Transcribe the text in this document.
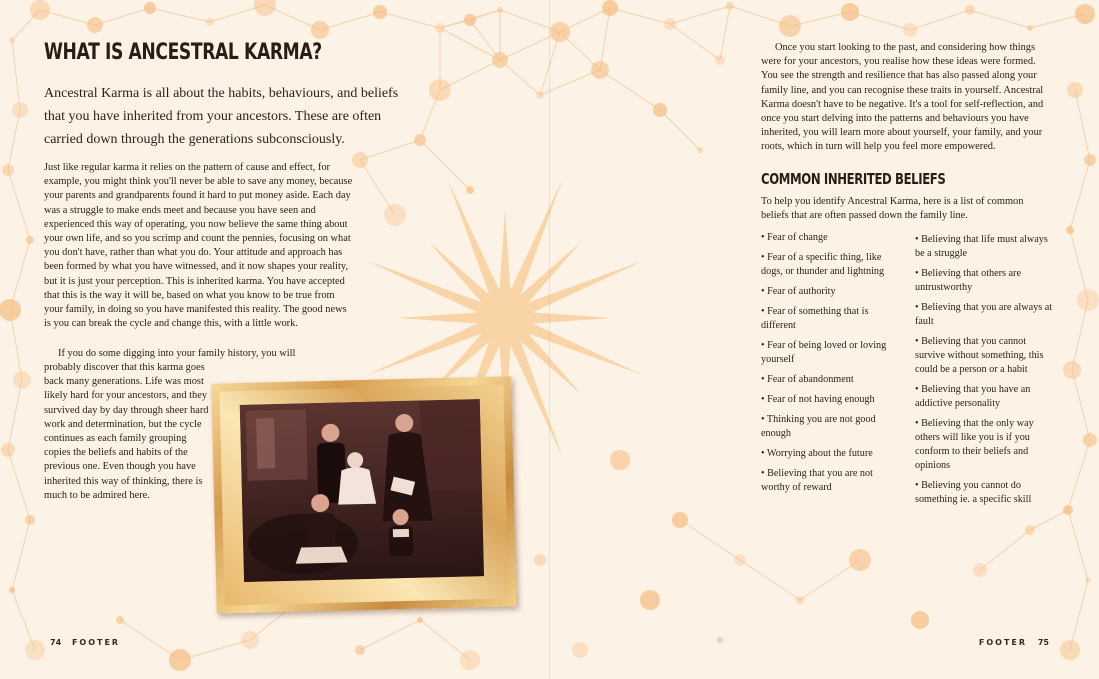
WHAT IS ANCESTRAL KARMA?

Ancestral Karma is all about the habits, behaviours, and beliefs that you have inherited from your ancestors. These are often carried down through the generations subconsciously.

Just like regular karma it relies on the pattern of cause and effect, for example, you might think you'll never be able to save any money, because your parents and grandparents found it hard to put money aside. Each day was a struggle to make ends meet and because you have seen and experienced this way of operating, you now believe the same thing about your own life, and so you scrimp and count the pennies, focusing on what you don't have, rather than what you do. Your attitude and approach has been formed by what you have witnessed, and it now shapes your reality, but it is just your perception. This is inherited karma. You have accepted that this is the way it will be, based on what you know to be true from your family, in doing so you have manifested this reality. The good news is you can break the cycle and change this, with a little work.

If you do some digging into your family history, you will

probably discover that this karma goes back many generations. Life was most likely hard for your ancestors, and they survived day by day through sheer hard work and determination, but the cycle continues as each family grouping copies the beliefs and habits of the previous one. Even though you have inherited this way of thinking, there is much to be admired here.

74 FOOTER

Once you start looking to the past, and considering how things were for your ancestors, you realise how these ideas were formed. You see the strength and resilience that has also passed along your family line, and you can recognise these traits in yourself. Ancestral Karma doesn't have to be negative. It's a tool for self-reflection, and once you start delving into the patterns and behaviours you have inherited, you will learn more about yourself, your family, and your roots, which in turn will help you feel more empowered.

COMMON INHERITED BELIEFS

To help you identify Ancestral Karma, here is a list of common beliefs that are often passed down the family line.

• Fear of change
• Fear of a specific thing, like dogs, or thunder and lightning
• Fear of authority
• Fear of something that is different
• Fear of being loved or loving yourself
• Fear of abandonment
• Fear of not having enough
• Thinking you are not good enough
• Worrying about the future
• Believing that you are not worthy of reward
• Believing that life must always be a struggle
• Believing that others are untrustworthy
• Believing that you are always at fault
• Believing that you cannot survive without something, this could be a person or a habit
• Believing that you have an addictive personality
• Believing that the only way others will like you is if you conform to their beliefs and opinions
• Believing you cannot do something ie. a specific skill
FOOTER 75
